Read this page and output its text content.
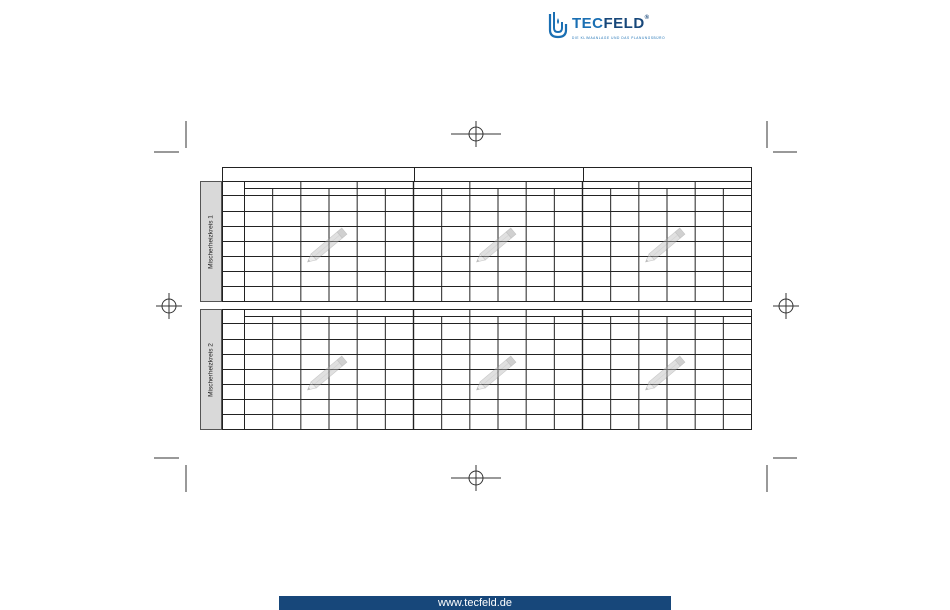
TECFELD®
DIE KLIMAANLAGE UND DAS PLANUNGSBÜRO
Mischerheizkreis 1
Mischerheizkreis 2
www.tecfeld.de
